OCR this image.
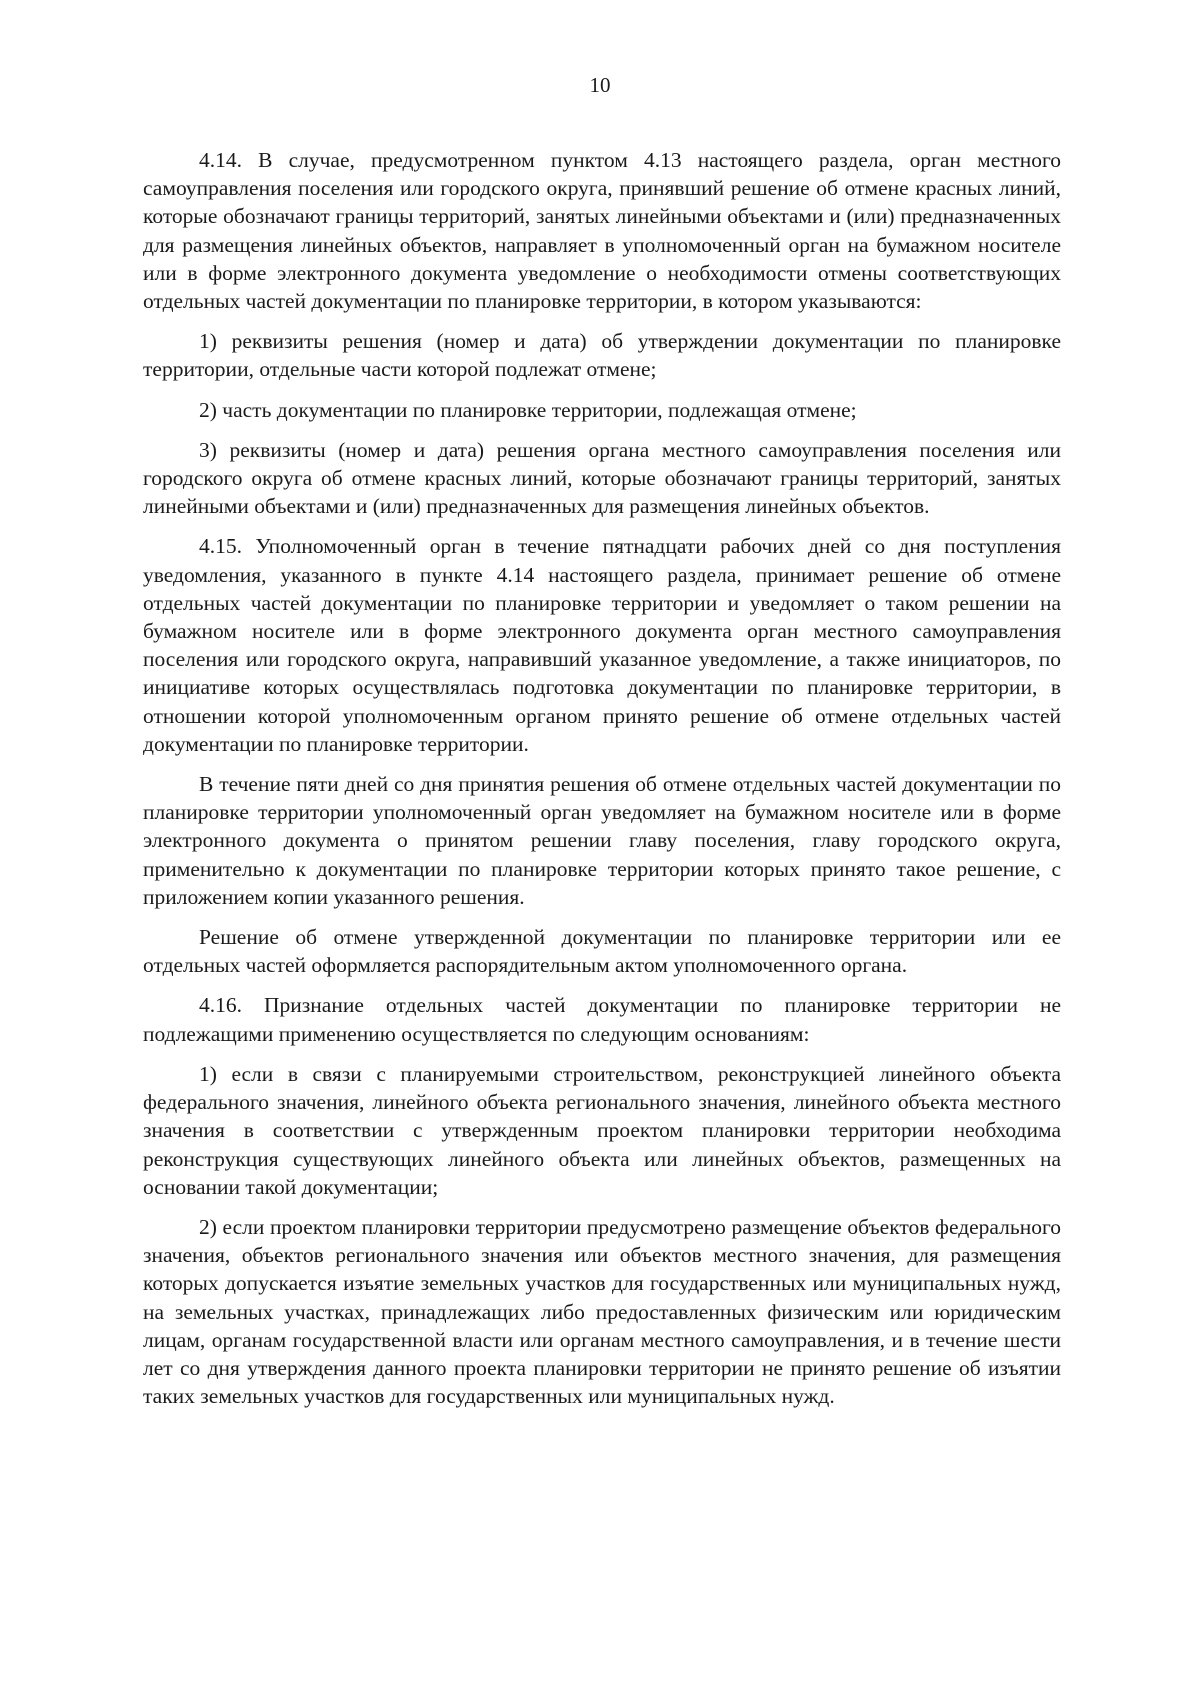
10

4.14. В случае, предусмотренном пунктом 4.13 настоящего раздела, орган местного самоуправления поселения или городского округа, принявший решение об отмене красных линий, которые обозначают границы территорий, занятых линейными объектами и (или) предназначенных для размещения линейных объектов, направляет в уполномоченный орган на бумажном носителе или в форме электронного документа уведомление о необходимости отмены соответствующих отдельных частей документации по планировке территории, в котором указываются:

1) реквизиты решения (номер и дата) об утверждении документации по планировке территории, отдельные части которой подлежат отмене;

2) часть документации по планировке территории, подлежащая отмене;

3) реквизиты (номер и дата) решения органа местного самоуправления поселения или городского округа об отмене красных линий, которые обозначают границы территорий, занятых линейными объектами и (или) предназначенных для размещения линейных объектов.

4.15. Уполномоченный орган в течение пятнадцати рабочих дней со дня поступления уведомления, указанного в пункте 4.14 настоящего раздела, принимает решение об отмене отдельных частей документации по планировке территории и уведомляет о таком решении на бумажном носителе или в форме электронного документа орган местного самоуправления поселения или городского округа, направивший указанное уведомление, а также инициаторов, по инициативе которых осуществлялась подготовка документации по планировке территории, в отношении которой уполномоченным органом принято решение об отмене отдельных частей документации по планировке территории.

В течение пяти дней со дня принятия решения об отмене отдельных частей документации по планировке территории уполномоченный орган уведомляет на бумажном носителе или в форме электронного документа о принятом решении главу поселения, главу городского округа, применительно к документации по планировке территории которых принято такое решение, с приложением копии указанного решения.

Решение об отмене утвержденной документации по планировке территории или ее отдельных частей оформляется распорядительным актом уполномоченного органа.

4.16. Признание отдельных частей документации по планировке территории не подлежащими применению осуществляется по следующим основаниям:

1) если в связи с планируемыми строительством, реконструкцией линейного объекта федерального значения, линейного объекта регионального значения, линейного объекта местного значения в соответствии с утвержденным проектом планировки территории необходима реконструкция существующих линейного объекта или линейных объектов, размещенных на основании такой документации;

2) если проектом планировки территории предусмотрено размещение объектов федерального значения, объектов регионального значения или объектов местного значения, для размещения которых допускается изъятие земельных участков для государственных или муниципальных нужд, на земельных участках, принадлежащих либо предоставленных физическим или юридическим лицам, органам государственной власти или органам местного самоуправления, и в течение шести лет со дня утверждения данного проекта планировки территории не принято решение об изъятии таких земельных участков для государственных или муниципальных нужд.
